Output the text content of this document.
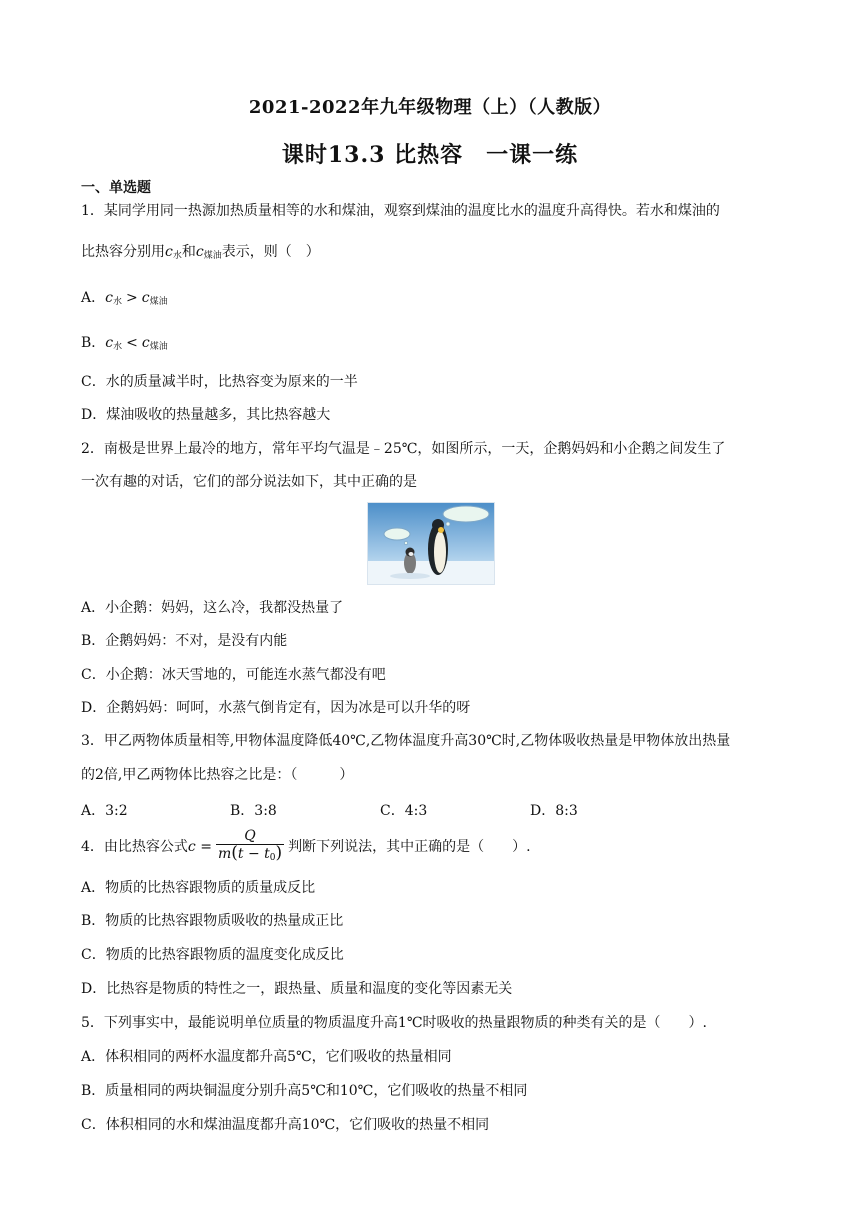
2021-2022年九年级物理（上）（人教版）
课时13.3 比热容　一课一练
一、单选题
1．某同学用同一热源加热质量相等的水和煤油，观察到煤油的温度比水的温度升高得快。若水和煤油的
比热容分别用$c_水$和$c_{煤油}$表示，则（　）
A．$c_水 > c_{煤油}$
B．$c_水 < c_{煤油}$
C．水的质量减半时，比热容变为原来的一半
D．煤油吸收的热量越多，其比热容越大
2．南极是世界上最冷的地方，常年平均气温是﹣25℃，如图所示，一天，企鹅妈妈和小企鹅之间发生了
一次有趣的对话，它们的部分说法如下，其中正确的是
A．小企鹅：妈妈，这么冷，我都没热量了
B．企鹅妈妈：不对，是没有内能
C．小企鹅：冰天雪地的，可能连水蒸气都没有吧
D．企鹅妈妈：呵呵，水蒸气倒肯定有，因为冰是可以升华的呀
3．甲乙两物体质量相等,甲物体温度降低40℃,乙物体温度升高30℃时,乙物体吸收热量是甲物体放出热量
的2倍,甲乙两物体比热容之比是：（　　　）
A．3:2	B．3:8	C．4:3	D．8:3
4．由比热容公式$c = \frac{Q}{m(t - t0)}$ 判断下列说法，其中正确的是（　　）.
A．物质的比热容跟物质的质量成反比
B．物质的比热容跟物质吸收的热量成正比
C．物质的比热容跟物质的温度变化成反比
D．比热容是物质的特性之一，跟热量、质量和温度的变化等因素无关
5．下列事实中，最能说明单位质量的物质温度升高1℃时吸收的热量跟物质的种类有关的是（　　）.
A．体积相同的两杯水温度都升高5℃，它们吸收的热量相同
B．质量相同的两块铜温度分别升高5℃和10℃，它们吸收的热量不相同
C．体积相同的水和煤油温度都升高10℃，它们吸收的热量不相同
